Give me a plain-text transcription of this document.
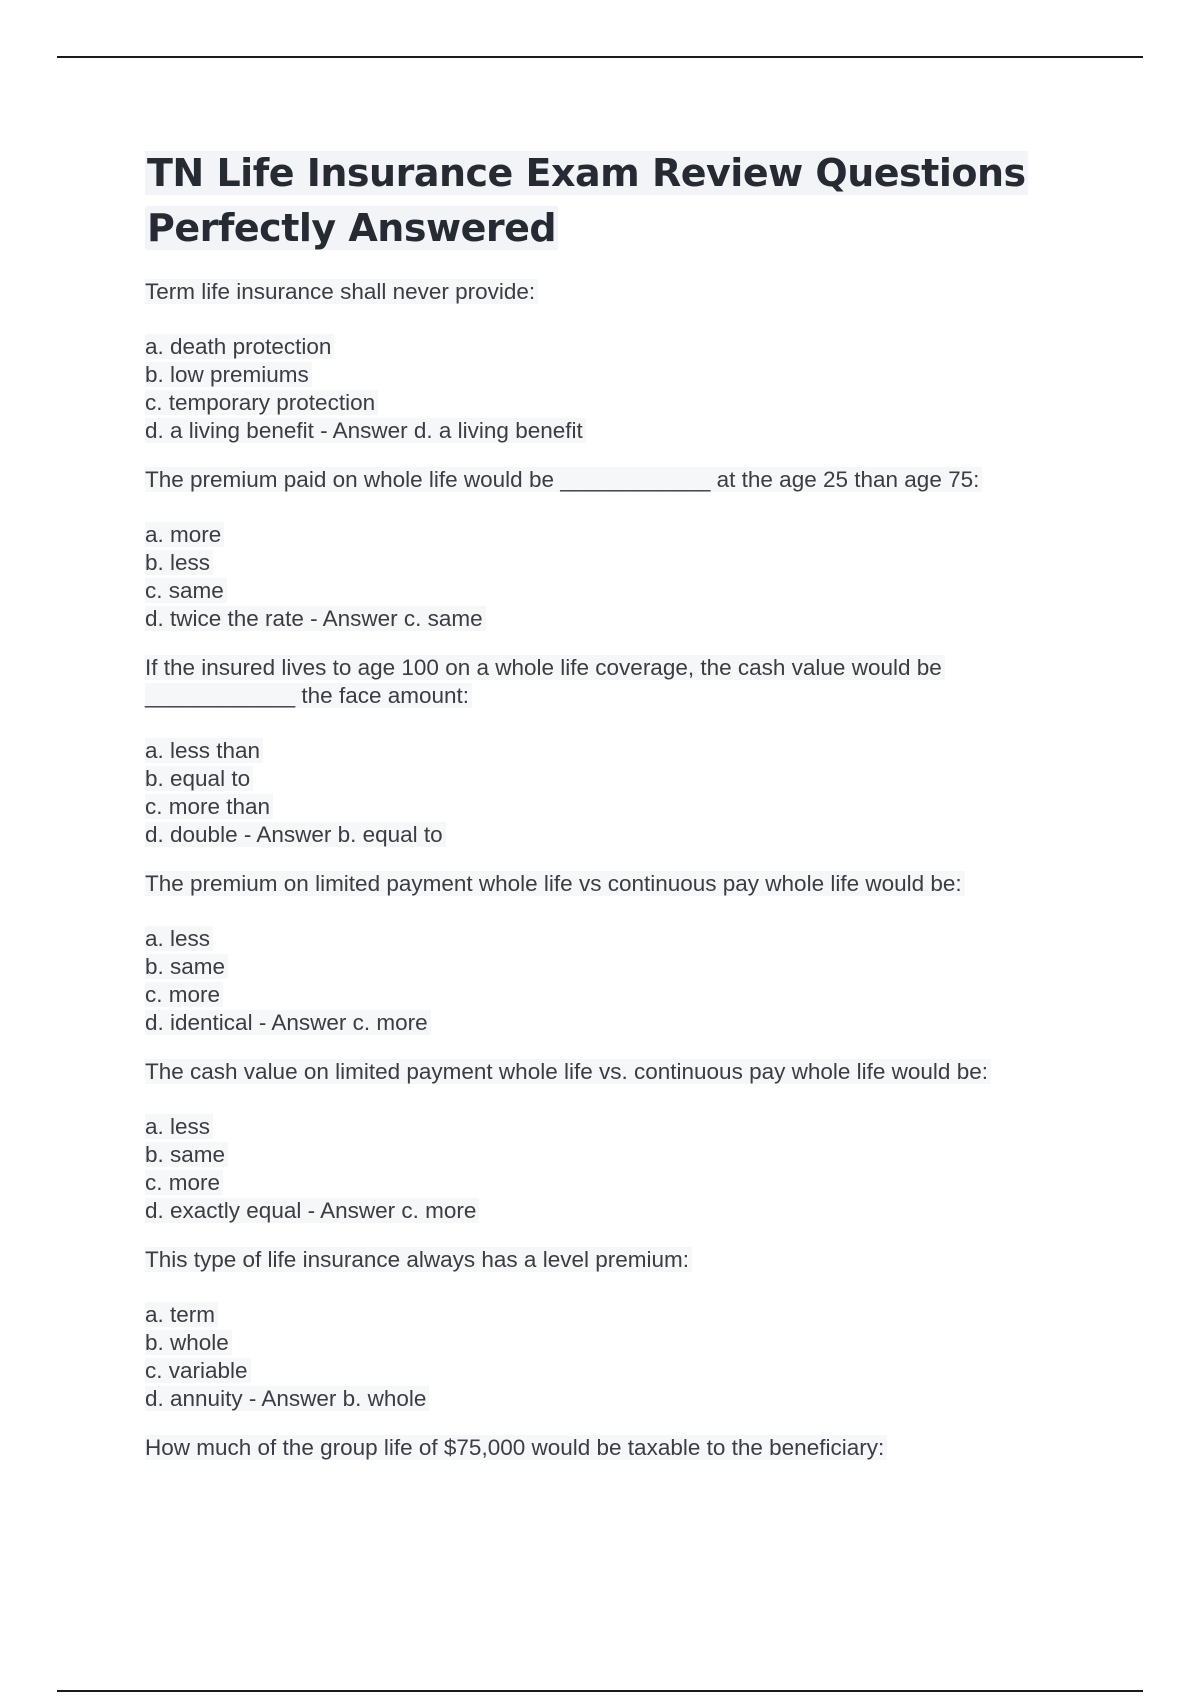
TN Life Insurance Exam Review Questions
Perfectly Answered

Term life insurance shall never provide:

a. death protection

b. low premiums

c. temporary protection

d. a living benefit - Answer d. a living benefit

The premium paid on whole life would be ____________ at the age 25 than age 75:

a. more

b. less

c. same

d. twice the rate - Answer c. same

If the insured lives to age 100 on a whole life coverage, the cash value would be
____________ the face amount:

a. less than

b. equal to

c. more than

d. double - Answer b. equal to

The premium on limited payment whole life vs continuous pay whole life would be:

a. less

b. same

c. more

d. identical - Answer c. more

The cash value on limited payment whole life vs. continuous pay whole life would be:

a. less

b. same

c. more

d. exactly equal - Answer c. more

This type of life insurance always has a level premium:

a. term

b. whole

c. variable

d. annuity - Answer b. whole

How much of the group life of $75,000 would be taxable to the beneficiary:
